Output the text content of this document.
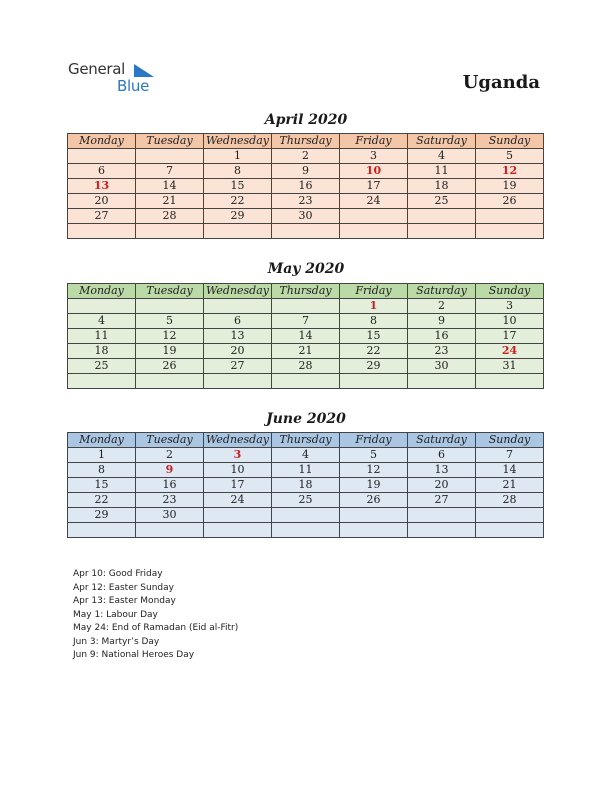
General
Blue	Uganda
April 2020
Monday	Tuesday	Wednesday	Thursday	Friday	Saturday	Sunday
		1	2	3	4	5
6	7	8	9	10	11	12
13	14	15	16	17	18	19
20	21	22	23	24	25	26
27	28	29	30			

May 2020
Monday	Tuesday	Wednesday	Thursday	Friday	Saturday	Sunday
				1	2	3
4	5	6	7	8	9	10
11	12	13	14	15	16	17
18	19	20	21	22	23	24
25	26	27	28	29	30	31

June 2020
Monday	Tuesday	Wednesday	Thursday	Friday	Saturday	Sunday
1	2	3	4	5	6	7
8	9	10	11	12	13	14
15	16	17	18	19	20	21
22	23	24	25	26	27	28
29	30					

Apr 10: Good Friday
Apr 12: Easter Sunday
Apr 13: Easter Monday
May 1: Labour Day
May 24: End of Ramadan (Eid al-Fitr)
Jun 3: Martyr’s Day
Jun 9: National Heroes Day
